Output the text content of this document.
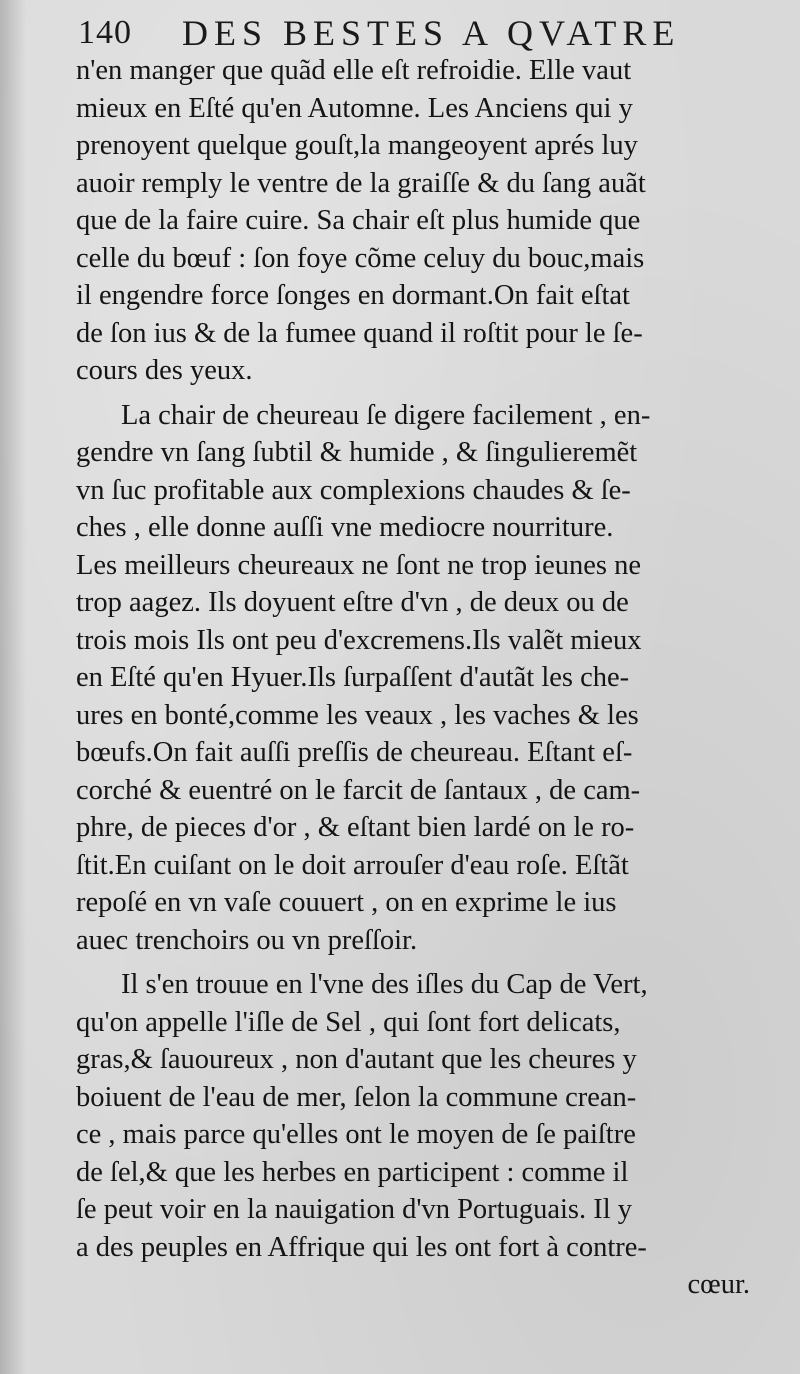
140 DES BESTES A QVATRE
n'en manger que quãd elle eſt refroidie. Elle vaut
mieux en Eſté qu'en Automne. Les Anciens qui y
prenoyent quelque gouſt,la mangeoyent aprés luy
auoir remply le ventre de la graiſſe & du ſang auãt
que de la faire cuire. Sa chair eſt plus humide que
celle du bœuf : ſon foye cõme celuy du bouc,mais
il engendre force ſonges en dormant.On fait eſtat
de ſon ius & de la fumee quand il roſtit pour le ſe-
cours des yeux.
La chair de cheureau ſe digere facilement , en-
gendre vn ſang ſubtil & humide , & ſingulieremẽt
vn ſuc profitable aux complexions chaudes & ſe-
ches , elle donne auſſi vne mediocre nourriture.
Les meilleurs cheureaux ne ſont ne trop ieunes ne
trop aagez. Ils doyuent eſtre d'vn , de deux ou de
trois mois Ils ont peu d'excremens.Ils valẽt mieux
en Eſté qu'en Hyuer.Ils ſurpaſſent d'autãt les che-
ures en bonté,comme les veaux , les vaches & les
bœufs.On fait auſſi preſſis de cheureau. Eſtant eſ-
corché & euentré on le farcit de ſantaux , de cam-
phre, de pieces d'or , & eſtant bien lardé on le ro-
ſtit.En cuiſant on le doit arrouſer d'eau roſe. Eſtãt
repoſé en vn vaſe couuert , on en exprime le ius
auec trenchoirs ou vn preſſoir.
Il s'en trouue en l'vne des iſles du Cap de Vert,
qu'on appelle l'iſle de Sel , qui ſont fort delicats,
gras,& ſauoureux , non d'autant que les cheures y
boiuent de l'eau de mer, ſelon la commune crean-
ce , mais parce qu'elles ont le moyen de ſe paiſtre
de ſel,& que les herbes en participent : comme il
ſe peut voir en la nauigation d'vn Portuguais. Il y
a des peuples en Affrique qui les ont fort à contre-
cœur.
